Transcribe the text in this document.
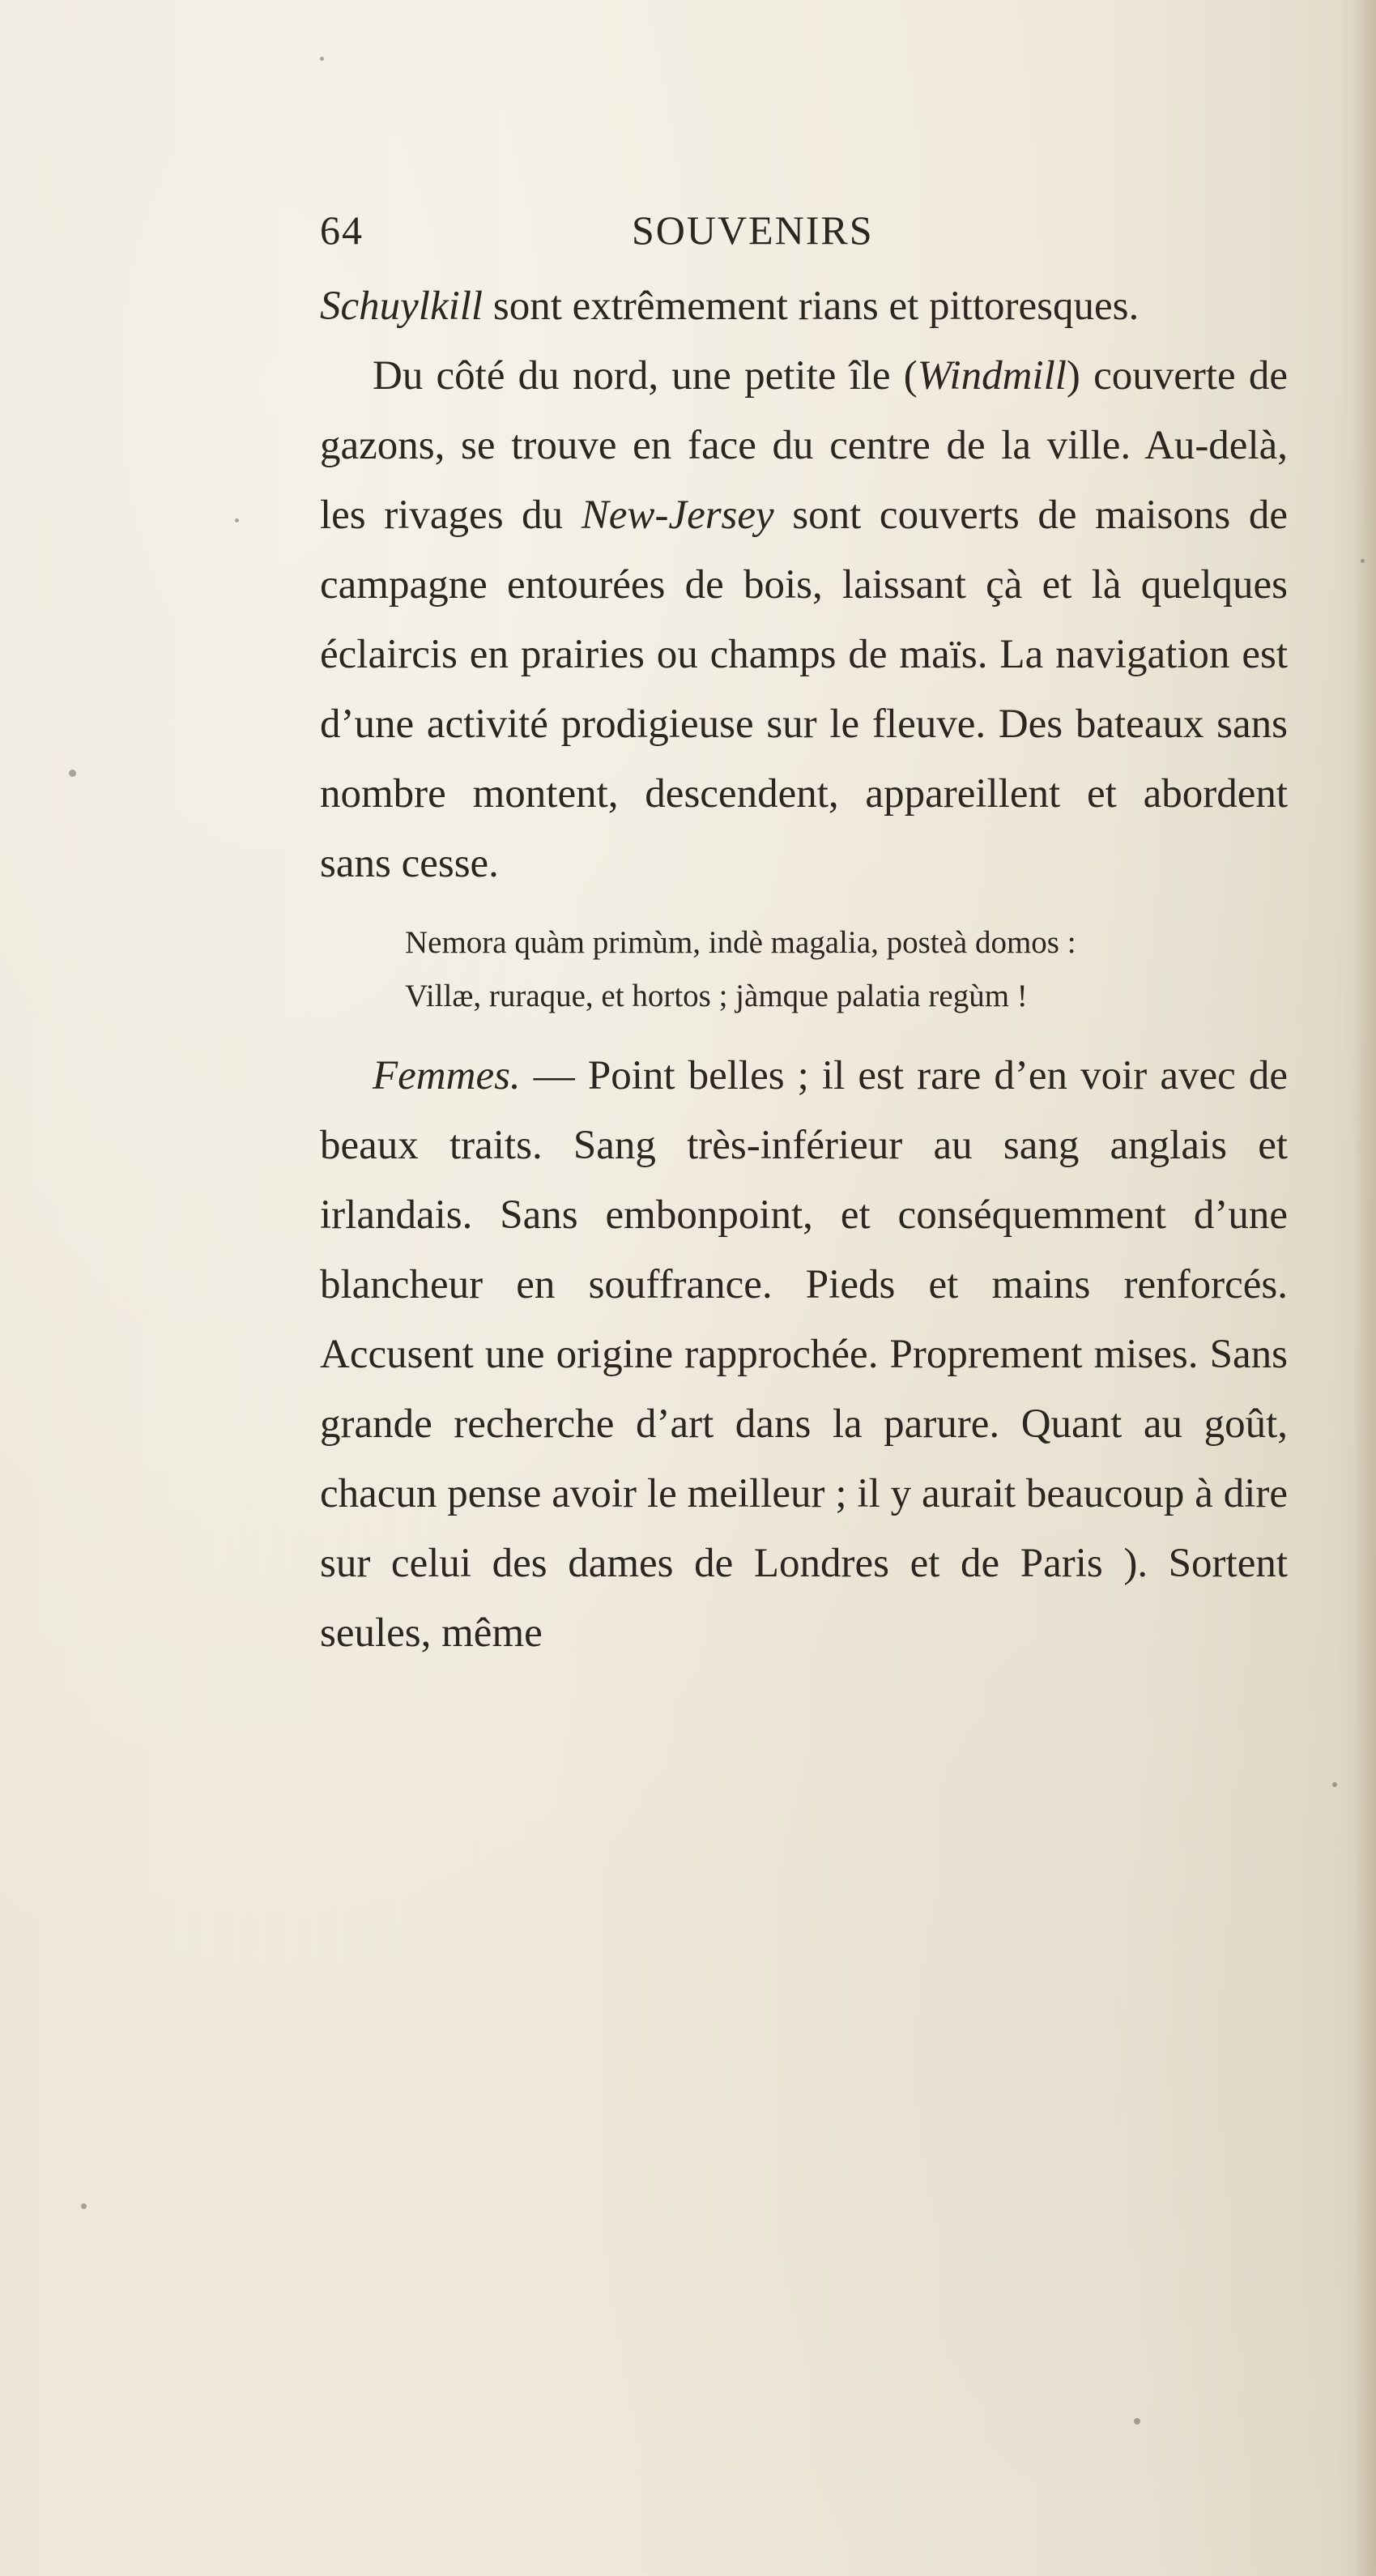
64	SOUVENIRS

Schuylkill sont extrêmement rians et pittoresques.

Du côté du nord, une petite île (Windmill) couverte de gazons, se trouve en face du centre de la ville. Au-delà, les rivages du New-Jersey sont couverts de maisons de campagne entourées de bois, laissant çà et là quelques éclaircis en prairies ou champs de maïs. La navigation est d’une activité prodigieuse sur le fleuve. Des bateaux sans nombre montent, descendent, appareillent et abordent sans cesse.

Nemora quàm primùm, indè magalia, posteà domos :
Villæ, ruraque, et hortos ; jàmque palatia regùm !

Femmes. — Point belles ; il est rare d’en voir avec de beaux traits. Sang très-inférieur au sang anglais et irlandais. Sans embonpoint, et conséquemment d’une blancheur en souffrance. Pieds et mains renforcés. Accusent une origine rapprochée. Proprement mises. Sans grande recherche d’art dans la parure. Quant au goût, chacun pense avoir le meilleur ; il y aurait beaucoup à dire sur celui des dames de Londres et de Paris ). Sortent seules, même
